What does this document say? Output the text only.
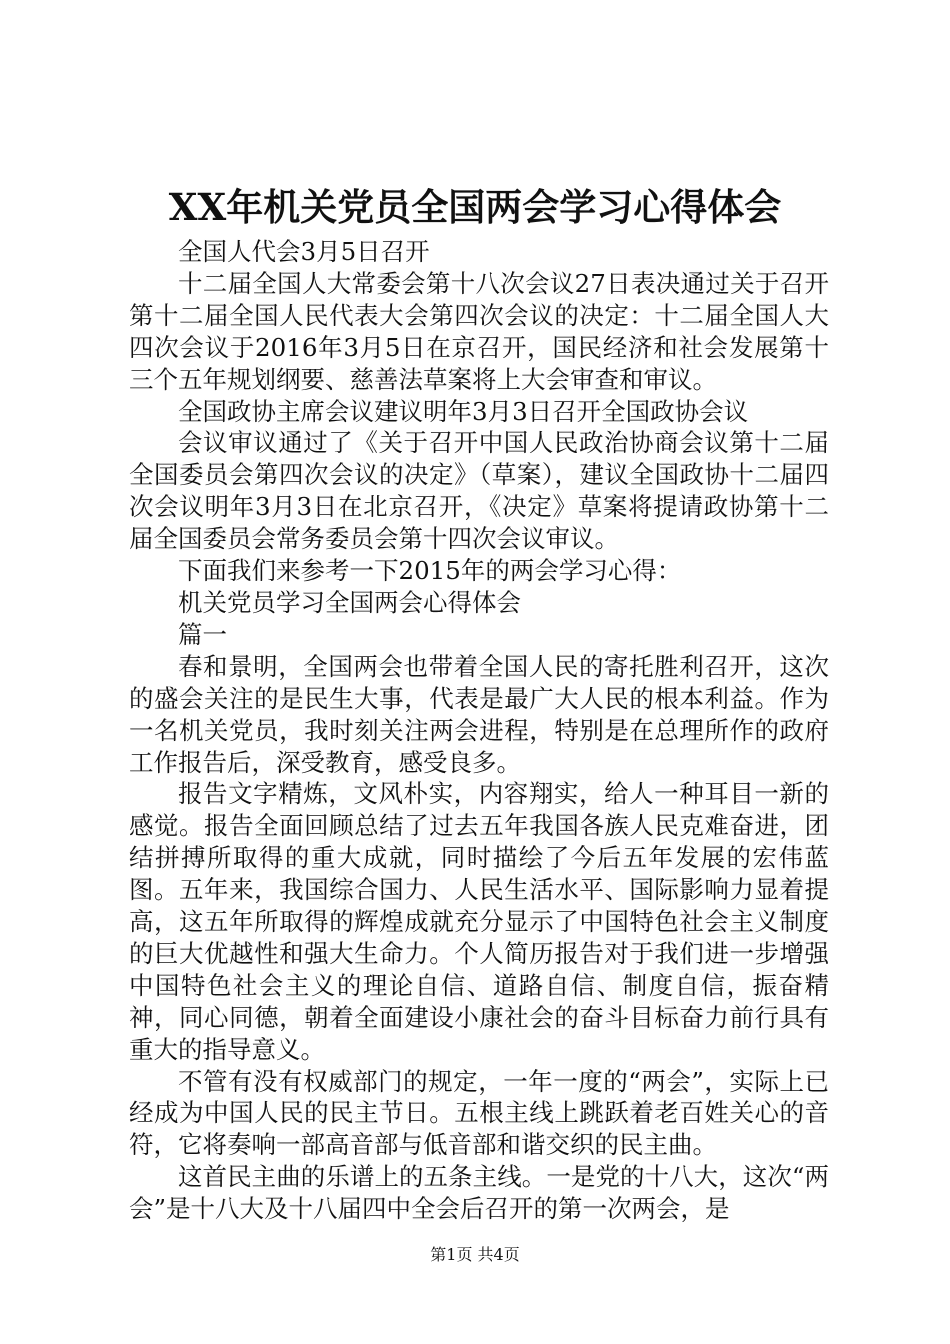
XX年机关党员全国两会学习心得体会

全国人代会3月5日召开

十二届全国人大常委会第十八次会议27日表决通过关于召开第十二届全国人民代表大会第四次会议的决定：十二届全国人大四次会议于2016年3月5日在京召开，国民经济和社会发展第十三个五年规划纲要、慈善法草案将上大会审查和审议。

全国政协主席会议建议明年3月3日召开全国政协会议

会议审议通过了《关于召开中国人民政治协商会议第十二届全国委员会第四次会议的决定》（草案），建议全国政协十二届四次会议明年3月3日在北京召开，《决定》草案将提请政协第十二届全国委员会常务委员会第十四次会议审议。

下面我们来参考一下2015年的两会学习心得：

机关党员学习全国两会心得体会

篇一

春和景明，全国两会也带着全国人民的寄托胜利召开，这次的盛会关注的是民生大事，代表是最广大人民的根本利益。作为一名机关党员，我时刻关注两会进程，特别是在总理所作的政府工作报告后，深受教育，感受良多。

报告文字精炼，文风朴实，内容翔实，给人一种耳目一新的感觉。报告全面回顾总结了过去五年我国各族人民克难奋进，团结拼搏所取得的重大成就，同时描绘了今后五年发展的宏伟蓝图。五年来，我国综合国力、人民生活水平、国际影响力显着提高，这五年所取得的辉煌成就充分显示了中国特色社会主义制度的巨大优越性和强大生命力。个人简历报告对于我们进一步增强中国特色社会主义的理论自信、道路自信、制度自信，振奋精神，同心同德，朝着全面建设小康社会的奋斗目标奋力前行具有重大的指导意义。

不管有没有权威部门的规定，一年一度的“两会”，实际上已经成为中国人民的民主节日。五根主线上跳跃着老百姓关心的音符，它将奏响一部高音部与低音部和谐交织的民主曲。

这首民主曲的乐谱上的五条主线。一是党的十八大，这次“两会”是十八大及十八届四中全会后召开的第一次两会，是

第1页 共4页
